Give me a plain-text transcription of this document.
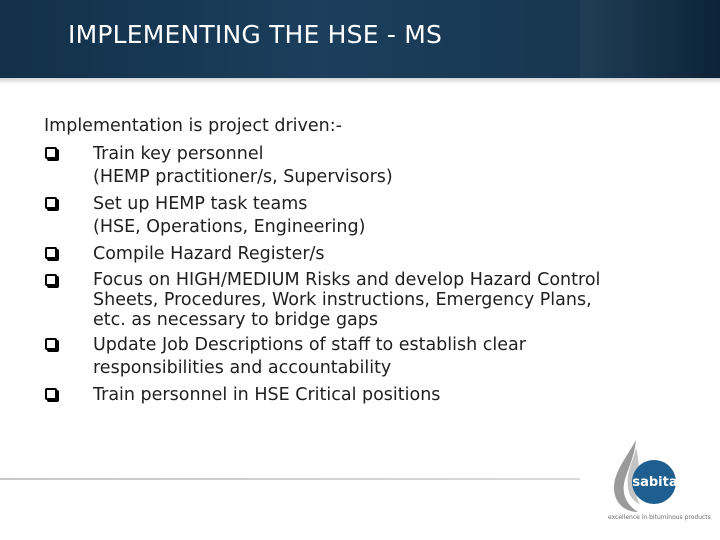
IMPLEMENTING THE HSE - MS
Implementation is project driven:-
Train key personnel
(HEMP practitioner/s, Supervisors)
Set up HEMP task teams
(HSE, Operations, Engineering)
Compile Hazard Register/s
Focus on HIGH/MEDIUM Risks and develop Hazard Control
Sheets, Procedures, Work instructions, Emergency Plans,
etc. as necessary to bridge gaps
Update Job Descriptions of staff to establish clear
responsibilities and accountability
Train personnel in HSE Critical positions
sabita
excellence in bituminous products
